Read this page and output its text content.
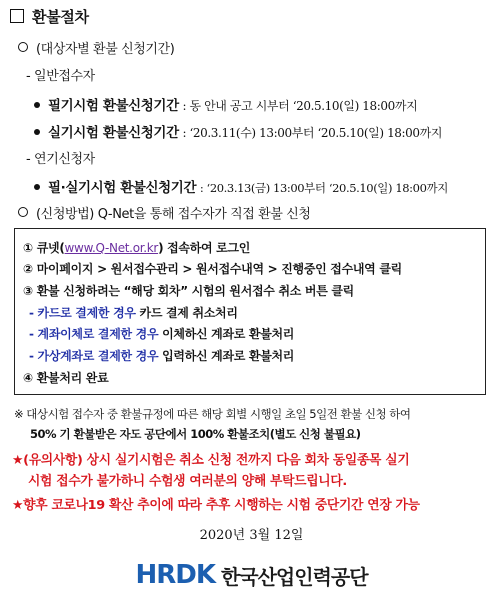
환불절차
(대상자별 환불 신청기간)
- 일반접수자
필기시험 환불신청기간 : 동 안내 공고 시부터 ‘20.5.10(일) 18:00까지
실기시험 환불신청기간 : ‘20.3.11(수) 13:00부터 ‘20.5.10(일) 18:00까지
- 연기신청자
필·실기시험 환불신청기간 : ‘20.3.13(금) 13:00부터 ‘20.5.10(일) 18:00까지
(신청방법) Q-Net을 통해 접수자가 직접 환불 신청
① 큐넷(www.Q-Net.or.kr) 접속하여 로그인
② 마이페이지 > 원서접수관리 > 원서접수내역 > 진행중인 접수내역 클릭
③ 환불 신청하려는 “해당 회차” 시험의 원서접수 취소 버튼 클릭
- 카드로 결제한 경우 카드 결제 취소처리
- 계좌이체로 결제한 경우 이체하신 계좌로 환불처리
- 가상계좌로 결제한 경우 입력하신 계좌로 환불처리
④ 환불처리 완료
※ 대상시험 접수자 중 환불규정에 따른 해당 회별 시행일 초일 5일전 환불 신청 하여
50% 기 환불받은 자도 공단에서 100% 환불조치(별도 신청 불필요)
★(유의사항) 상시 실기시험은 취소 신청 전까지 다음 회차 동일종목 실기
시험 접수가 불가하니 수험생 여러분의 양해 부탁드립니다.
★향후 코로나19 확산 추이에 따라 추후 시행하는 시험 중단기간 연장 가능
2020년 3월 12일
HRDK 한국산업인력공단
